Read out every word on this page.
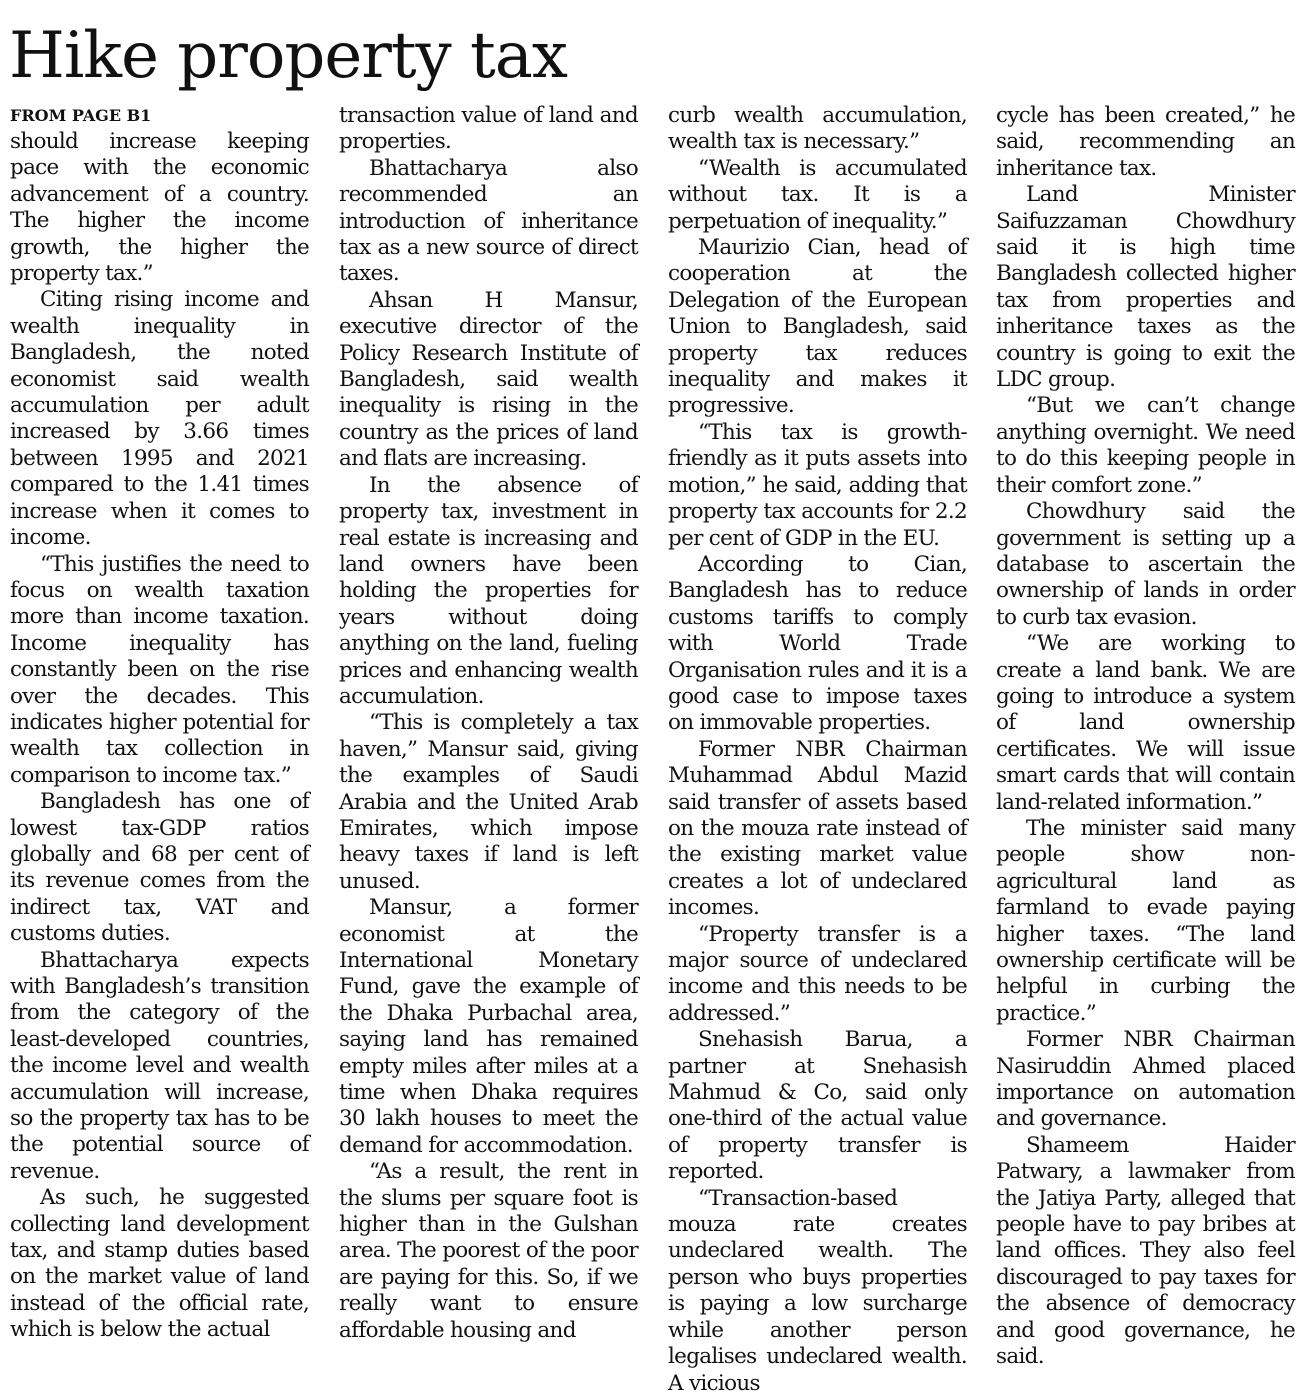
Hike property tax
FROM PAGE B1

should increase keeping pace with the economic advancement of a country. The higher the income growth, the higher the property tax.”

Citing rising income and wealth inequality in Bangladesh, the noted economist said wealth accumulation per adult increased by 3.66 times between 1995 and 2021 compared to the 1.41 times increase when it comes to income.

“This justifies the need to focus on wealth taxation more than income taxation. Income inequality has constantly been on the rise over the decades. This indicates higher potential for wealth tax collection in comparison to income tax.”

Bangladesh has one of lowest tax-GDP ratios globally and 68 per cent of its revenue comes from the indirect tax, VAT and customs duties.

Bhattacharya expects with Bangladesh’s transition from the category of the least-developed countries, the income level and wealth accumulation will increase, so the property tax has to be the potential source of revenue.

As such, he suggested collecting land development tax, and stamp duties based on the market value of land instead of the official rate, which is below the actual

transaction value of land and properties.

Bhattacharya also recommended an introduction of inheritance tax as a new source of direct taxes.

Ahsan H Mansur, executive director of the Policy Research Institute of Bangladesh, said wealth inequality is rising in the country as the prices of land and flats are increasing.

In the absence of property tax, investment in real estate is increasing and land owners have been holding the properties for years without doing anything on the land, fueling prices and enhancing wealth accumulation.

“This is completely a tax haven,” Mansur said, giving the examples of Saudi Arabia and the United Arab Emirates, which impose heavy taxes if land is left unused.

Mansur, a former economist at the International Monetary Fund, gave the example of the Dhaka Purbachal area, saying land has remained empty miles after miles at a time when Dhaka requires 30 lakh houses to meet the demand for accommodation.

“As a result, the rent in the slums per square foot is higher than in the Gulshan area. The poorest of the poor are paying for this. So, if we really want to ensure affordable housing and

curb wealth accumulation, wealth tax is necessary.”

“Wealth is accumulated without tax. It is a perpetuation of inequality.”

Maurizio Cian, head of cooperation at the Delegation of the European Union to Bangladesh, said property tax reduces inequality and makes it progressive.

“This tax is growth-friendly as it puts assets into motion,” he said, adding that property tax accounts for 2.2 per cent of GDP in the EU.

According to Cian, Bangladesh has to reduce customs tariffs to comply with World Trade Organisation rules and it is a good case to impose taxes on immovable properties.

Former NBR Chairman Muhammad Abdul Mazid said transfer of assets based on the mouza rate instead of the existing market value creates a lot of undeclared incomes.

“Property transfer is a major source of undeclared income and this needs to be addressed.”

Snehasish Barua, a partner at Snehasish Mahmud & Co, said only one-third of the actual value of property transfer is reported.

“Transaction-based mouza rate creates undeclared wealth. The person who buys properties is paying a low surcharge while another person legalises undeclared wealth. A vicious

cycle has been created,” he said, recommending an inheritance tax.

Land Minister Saifuzzaman Chowdhury said it is high time Bangladesh collected higher tax from properties and inheritance taxes as the country is going to exit the LDC group.

“But we can’t change anything overnight. We need to do this keeping people in their comfort zone.”

Chowdhury said the government is setting up a database to ascertain the ownership of lands in order to curb tax evasion.

“We are working to create a land bank. We are going to introduce a system of land ownership certificates. We will issue smart cards that will contain land-related information.”

The minister said many people show non-agricultural land as farmland to evade paying higher taxes. “The land ownership certificate will be helpful in curbing the practice.”

Former NBR Chairman Nasiruddin Ahmed placed importance on automation and governance.

Shameem Haider Patwary, a lawmaker from the Jatiya Party, alleged that people have to pay bribes at land offices. They also feel discouraged to pay taxes for the absence of democracy and good governance, he said.
